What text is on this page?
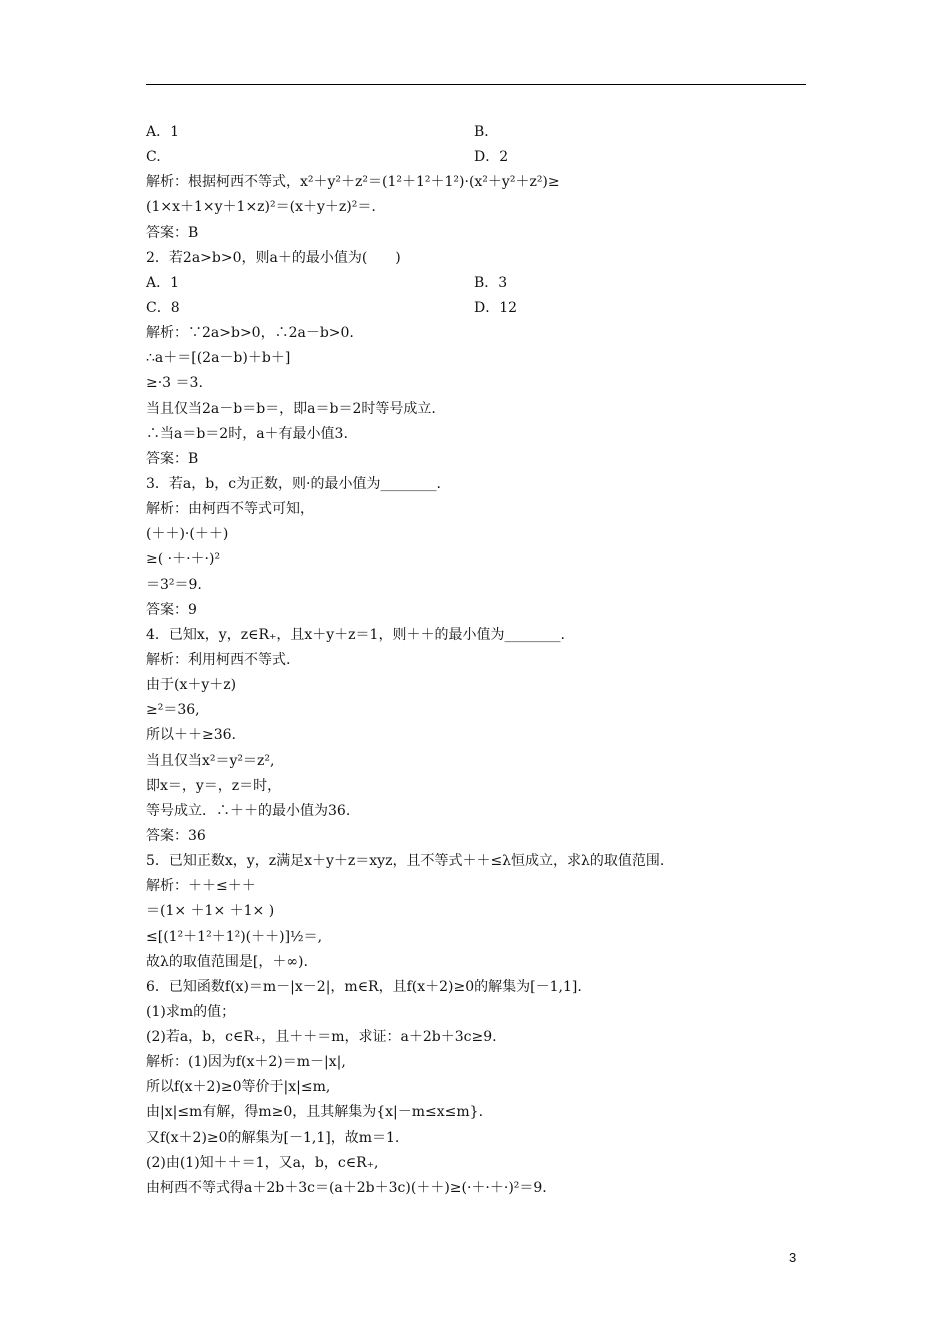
A．1	B．
C.	D．2
解析：根据柯西不等式，x²＋y²＋z²＝(1²＋1²＋1²)·(x²＋y²＋z²)≥
(1×x＋1×y＋1×z)²＝(x＋y＋z)²＝.
答案：B
2．若2a>b>0，则a＋的最小值为(　　)
A．1	B．3
C．8	D．12
解析：∵2a>b>0，∴2a－b>0.
∴a＋＝[(2a－b)＋b＋]
≥·3 ＝3.
当且仅当2a－b＝b＝，即a＝b＝2时等号成立.
∴当a＝b＝2时，a＋有最小值3.
答案：B
3．若a，b，c为正数，则·的最小值为________.
解析：由柯西不等式可知，
(＋＋)·(＋＋)
≥( ·＋·＋·)²
＝3²＝9.
答案：9
4．已知x，y，z∈R₊，且x＋y＋z＝1，则＋＋的最小值为________.
解析：利用柯西不等式.
由于(x＋y＋z)
≥²＝36,
所以＋＋≥36.
当且仅当x²＝y²＝z²,
即x＝，y＝，z＝时，
等号成立．∴＋＋的最小值为36.
答案：36
5．已知正数x，y，z满足x＋y＋z＝xyz，且不等式＋＋≤λ恒成立，求λ的取值范围.
解析：＋＋≤＋＋
＝(1× ＋1× ＋1× )
≤[(1²＋1²＋1²)(＋＋)]½＝,
故λ的取值范围是[，＋∞).
6．已知函数f(x)＝m－|x－2|，m∈R，且f(x＋2)≥0的解集为[－1,1].
(1)求m的值；
(2)若a，b，c∈R₊，且＋＋＝m，求证：a＋2b＋3c≥9.
解析：(1)因为f(x＋2)＝m－|x|,
所以f(x＋2)≥0等价于|x|≤m,
由|x|≤m有解，得m≥0，且其解集为{x|－m≤x≤m}.
又f(x＋2)≥0的解集为[－1,1]，故m＝1.
(2)由(1)知＋＋＝1，又a，b，c∈R₊,
由柯西不等式得a＋2b＋3c＝(a＋2b＋3c)(＋＋)≥(·＋·＋·)²＝9.
3
